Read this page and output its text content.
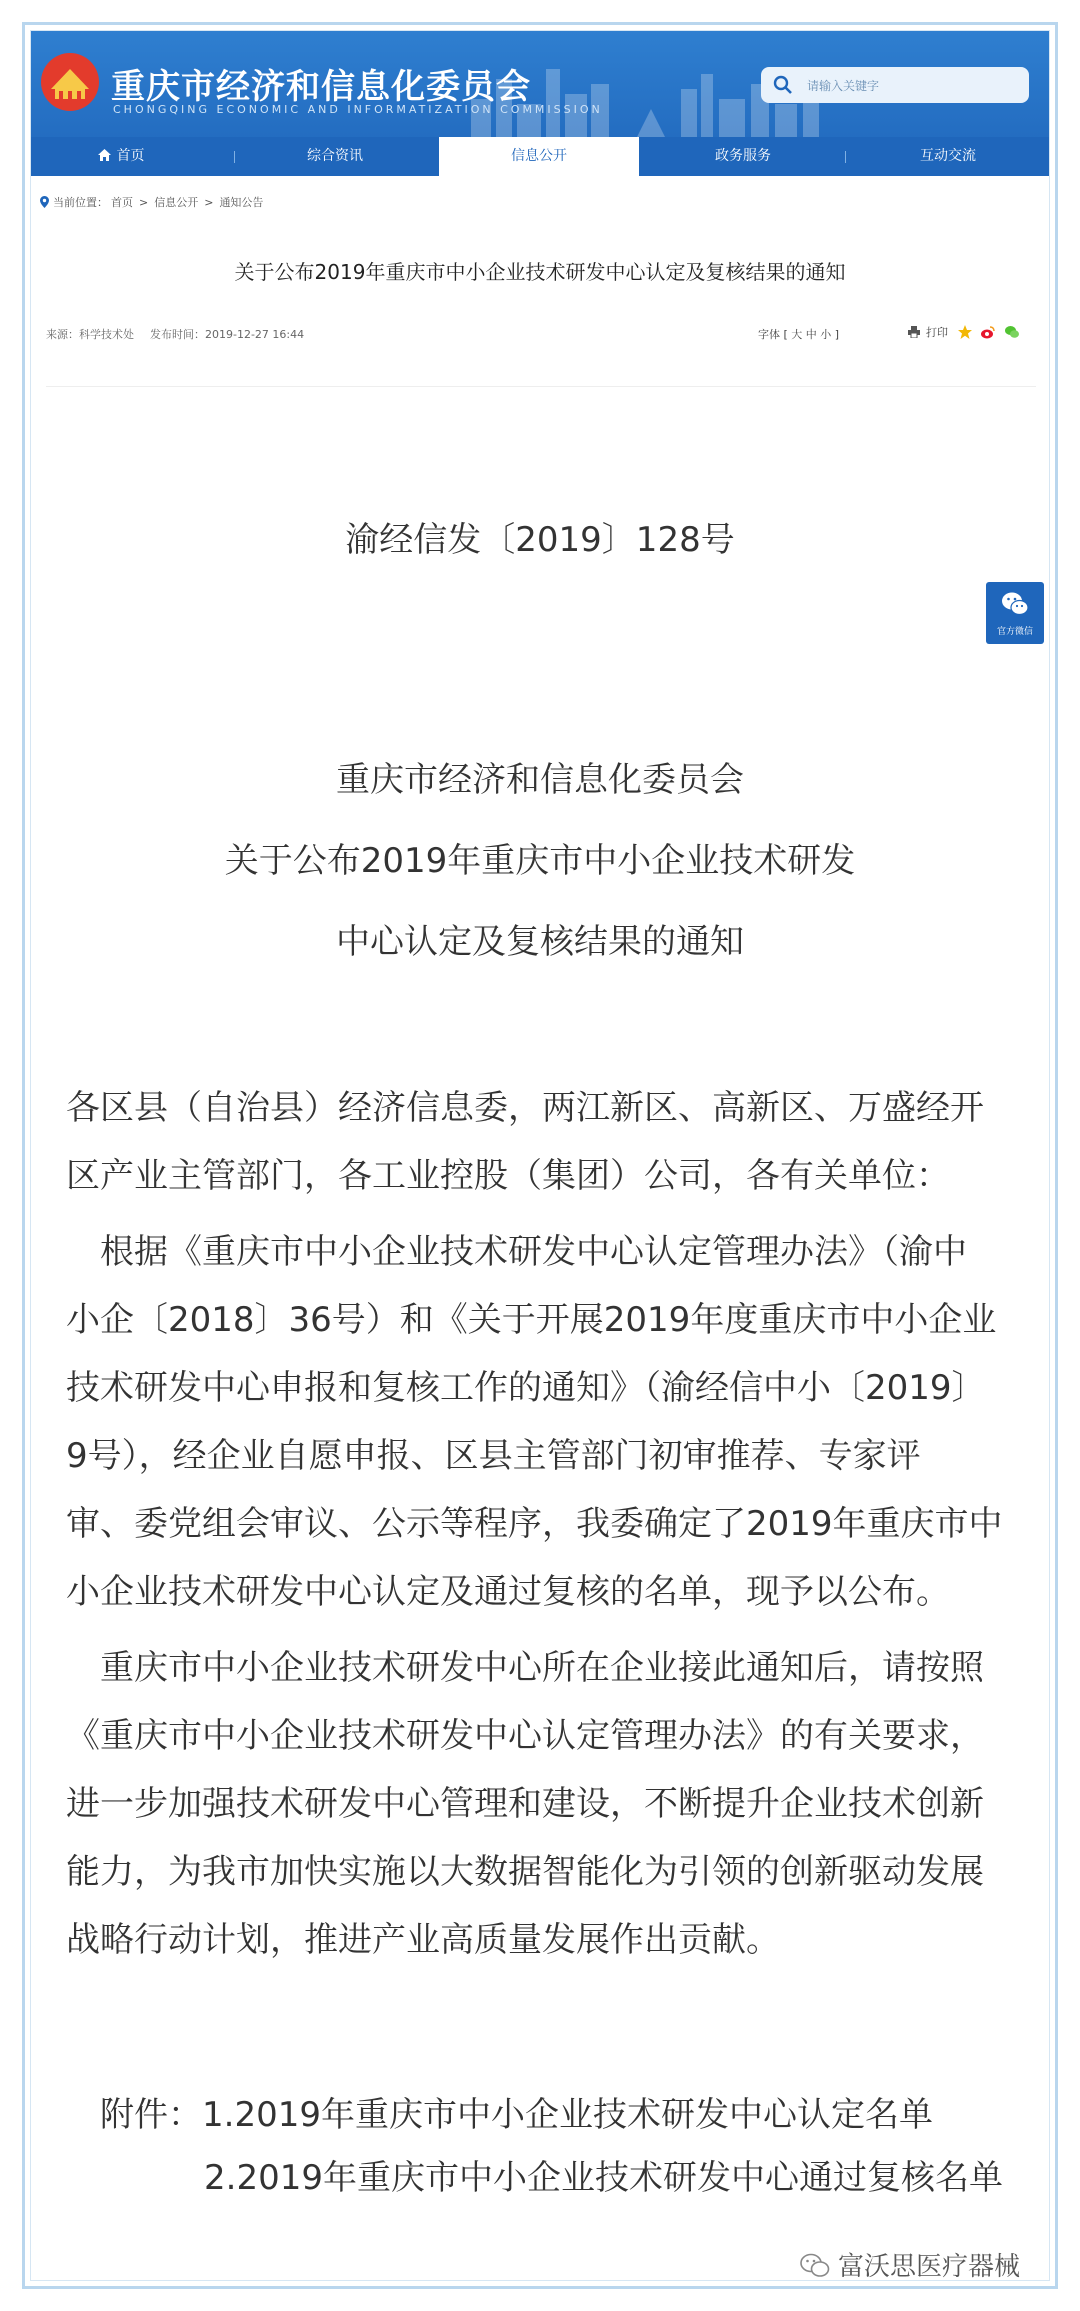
重庆市经济和信息化委员会
CHONGQING ECONOMIC AND INFORMATIZATION COMMISSION
请输入关键字
首页	综合资讯	信息公开	政务服务	互动交流
当前位置： 首页 > 信息公开 > 通知公告
关于公布2019年重庆市中小企业技术研发中心认定及复核结果的通知
来源：科学技术处 发布时间：2019-12-27 16:44	字体 [ 大 中 小 ]	打印
渝经信发〔2019〕128号
重庆市经济和信息化委员会
关于公布2019年重庆市中小企业技术研发
中心认定及复核结果的通知
各区县（自治县）经济信息委，两江新区、高新区、万盛经开
区产业主管部门，各工业控股（集团）公司，各有关单位：
　根据《重庆市中小企业技术研发中心认定管理办法》（渝中
小企〔2018〕36号）和《关于开展2019年度重庆市中小企业
技术研发中心申报和复核工作的通知》（渝经信中小〔2019〕
9号），经企业自愿申报、区县主管部门初审推荐、专家评
审、委党组会审议、公示等程序，我委确定了2019年重庆市中
小企业技术研发中心认定及通过复核的名单，现予以公布。
　重庆市中小企业技术研发中心所在企业接此通知后，请按照
《重庆市中小企业技术研发中心认定管理办法》的有关要求，
进一步加强技术研发中心管理和建设，不断提升企业技术创新
能力，为我市加快实施以大数据智能化为引领的创新驱动发展
战略行动计划，推进产业高质量发展作出贡献。
附件：1.2019年重庆市中小企业技术研发中心认定名单
2.2019年重庆市中小企业技术研发中心通过复核名单
官方微信
富沃思医疗器械
